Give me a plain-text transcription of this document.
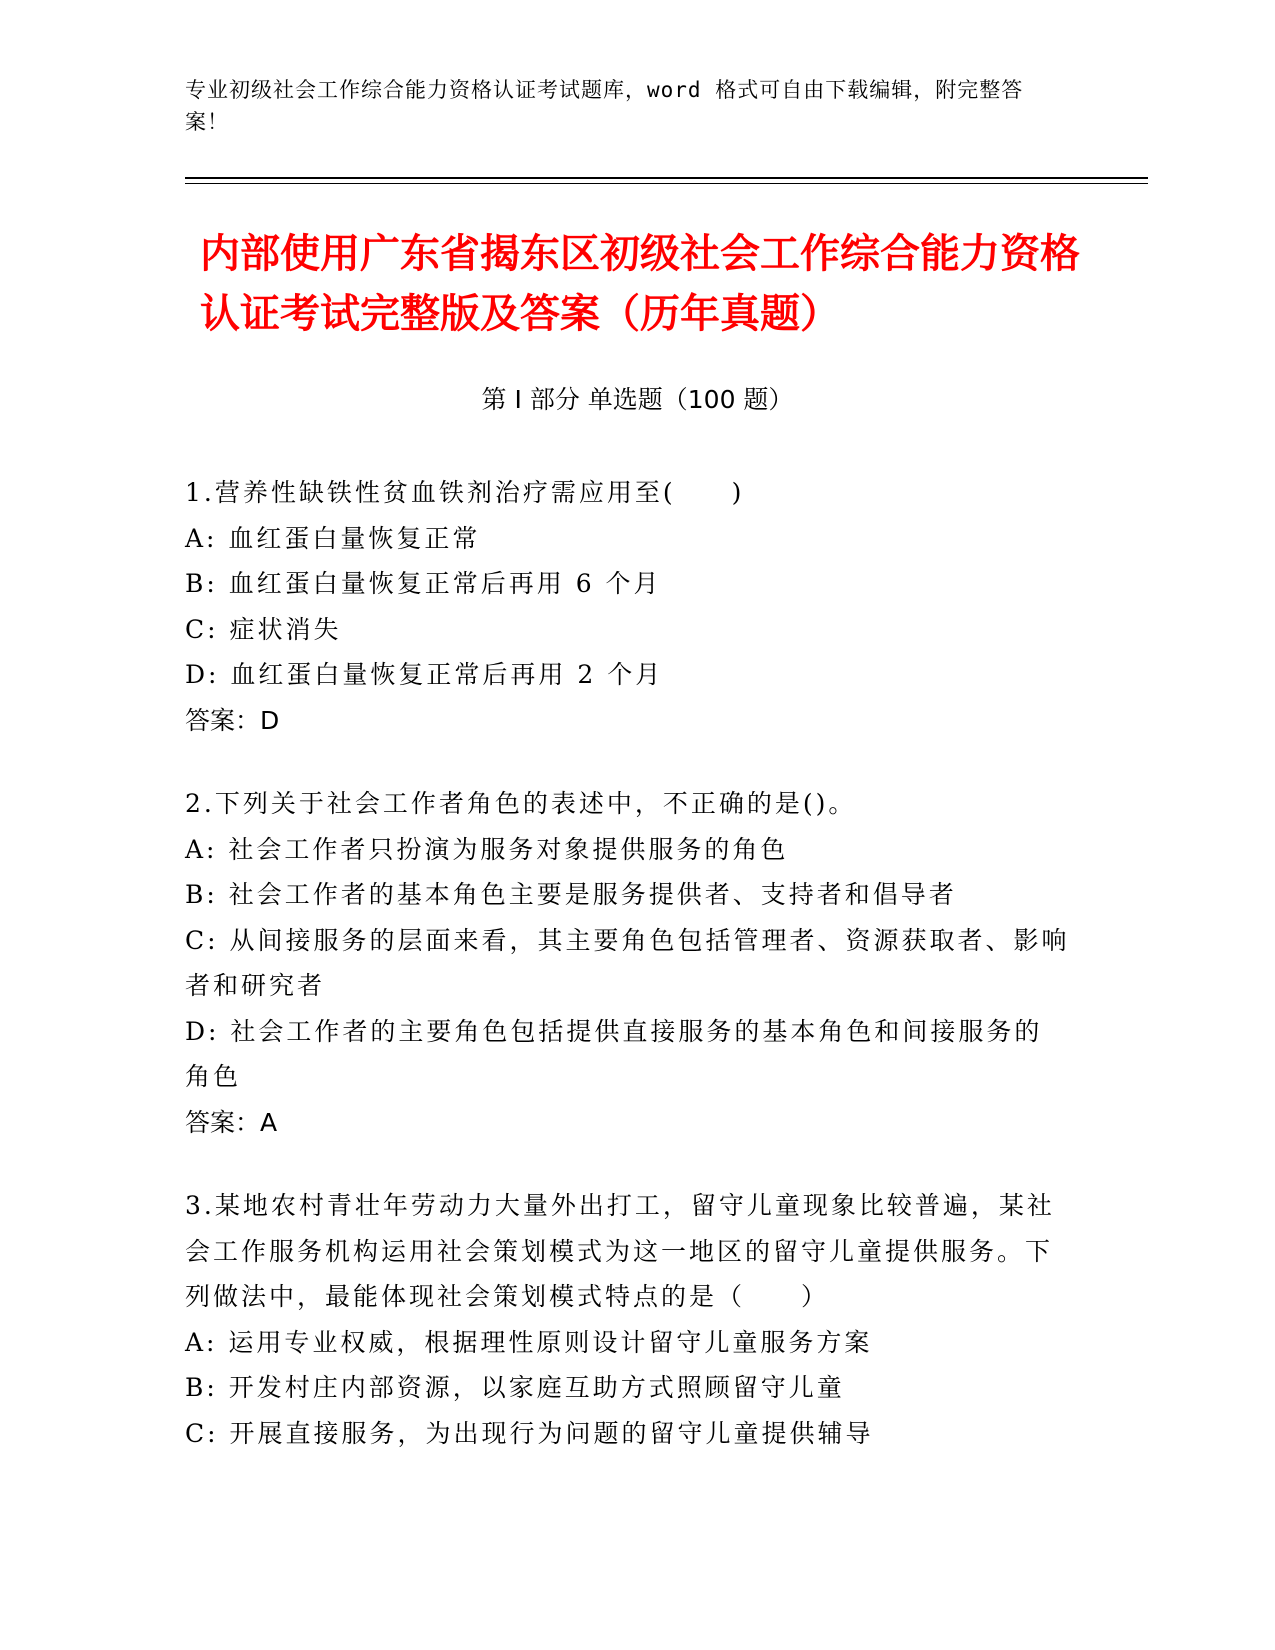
专业初级社会工作综合能力资格认证考试题库，word 格式可自由下载编辑，附完整答案！
内部使用广东省揭东区初级社会工作综合能力资格认证考试完整版及答案（历年真题）
第 I 部分 单选题（100 题）
1.营养性缺铁性贫血铁剂治疗需应用至(　　)
A: 血红蛋白量恢复正常
B: 血红蛋白量恢复正常后再用 6 个月
C: 症状消失
D: 血红蛋白量恢复正常后再用 2 个月
答案：D
2.下列关于社会工作者角色的表述中，不正确的是()。
A: 社会工作者只扮演为服务对象提供服务的角色
B: 社会工作者的基本角色主要是服务提供者、支持者和倡导者
C: 从间接服务的层面来看，其主要角色包括管理者、资源获取者、影响者和研究者
D: 社会工作者的主要角色包括提供直接服务的基本角色和间接服务的角色
答案：A
3.某地农村青壮年劳动力大量外出打工，留守儿童现象比较普遍，某社会工作服务机构运用社会策划模式为这一地区的留守儿童提供服务。下列做法中，最能体现社会策划模式特点的是（　　）
A: 运用专业权威，根据理性原则设计留守儿童服务方案
B: 开发村庄内部资源，以家庭互助方式照顾留守儿童
C: 开展直接服务，为出现行为问题的留守儿童提供辅导
